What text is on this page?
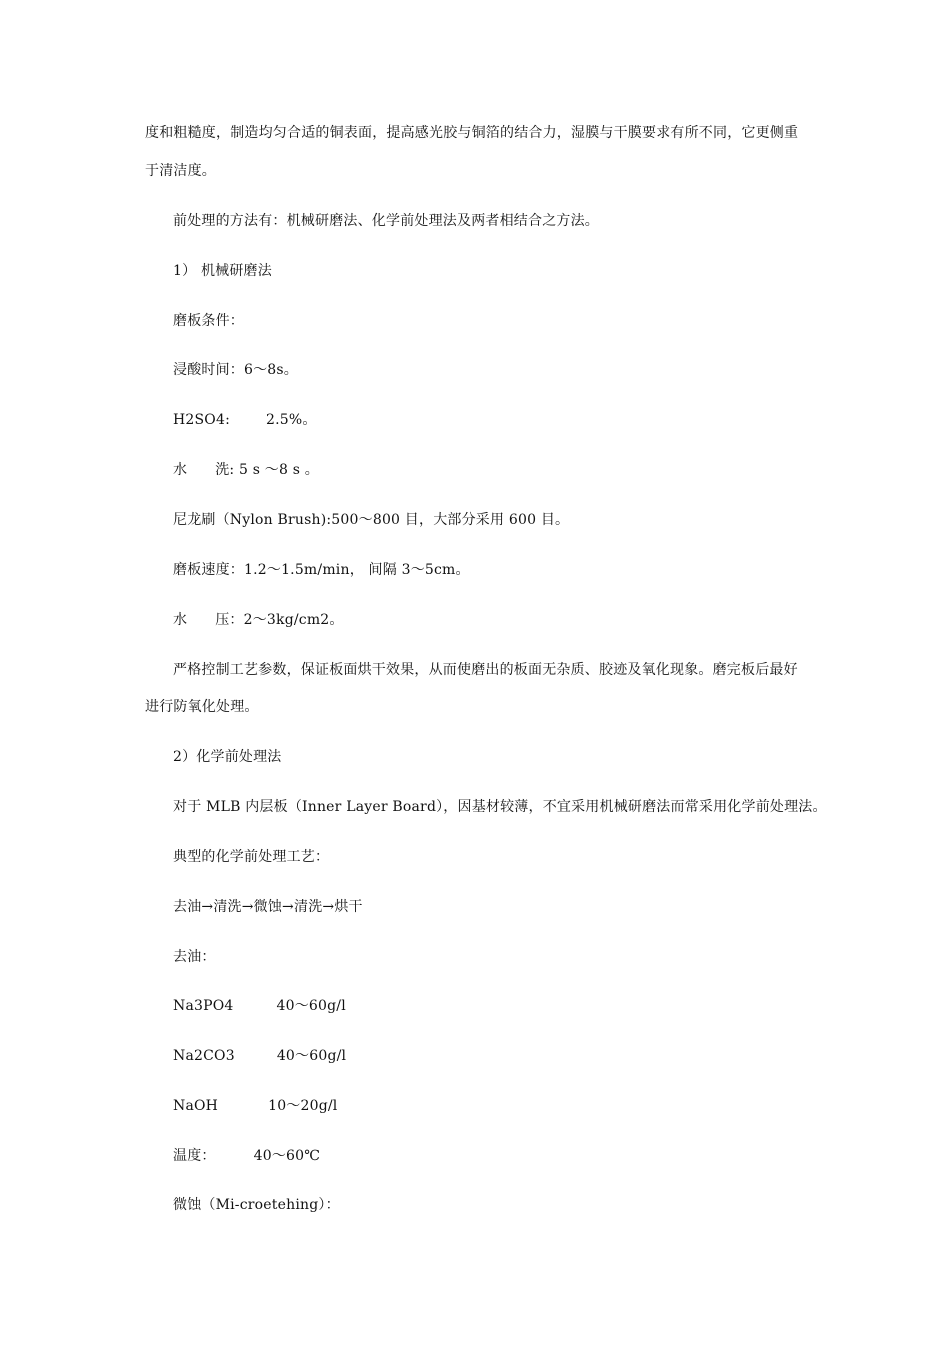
度和粗糙度，制造均匀合适的铜表面，提高感光胶与铜箔的结合力，湿膜与干膜要求有所不同，它更侧重
于清洁度。
前处理的方法有：机械研磨法、化学前处理法及两者相结合之方法。
1） 机械研磨法
磨板条件：
浸酸时间：6～8s。
H2SO4:	2.5%。
水 洗: 5 s ～8 s 。
尼龙刷（Nylon Brush):500～800 目，大部分采用 600 目。
磨板速度：1.2～1.5m/min， 间隔 3～5cm。
水 压：2～3kg/cm2。
严格控制工艺参数，保证板面烘干效果，从而使磨出的板面无杂质、胶迹及氧化现象。磨完板后最好
进行防氧化处理。
2）化学前处理法
对于 MLB 内层板（Inner Layer Board），因基材较薄，不宜采用机械研磨法而常采用化学前处理法。
典型的化学前处理工艺：
去油→清洗→微蚀→清洗→烘干
去油：
Na3PO4	40～60g/l
Na2CO3	40～60g/l
NaOH	10～20g/l
温度：	40～60℃
微蚀（Mi-croetehing）：
